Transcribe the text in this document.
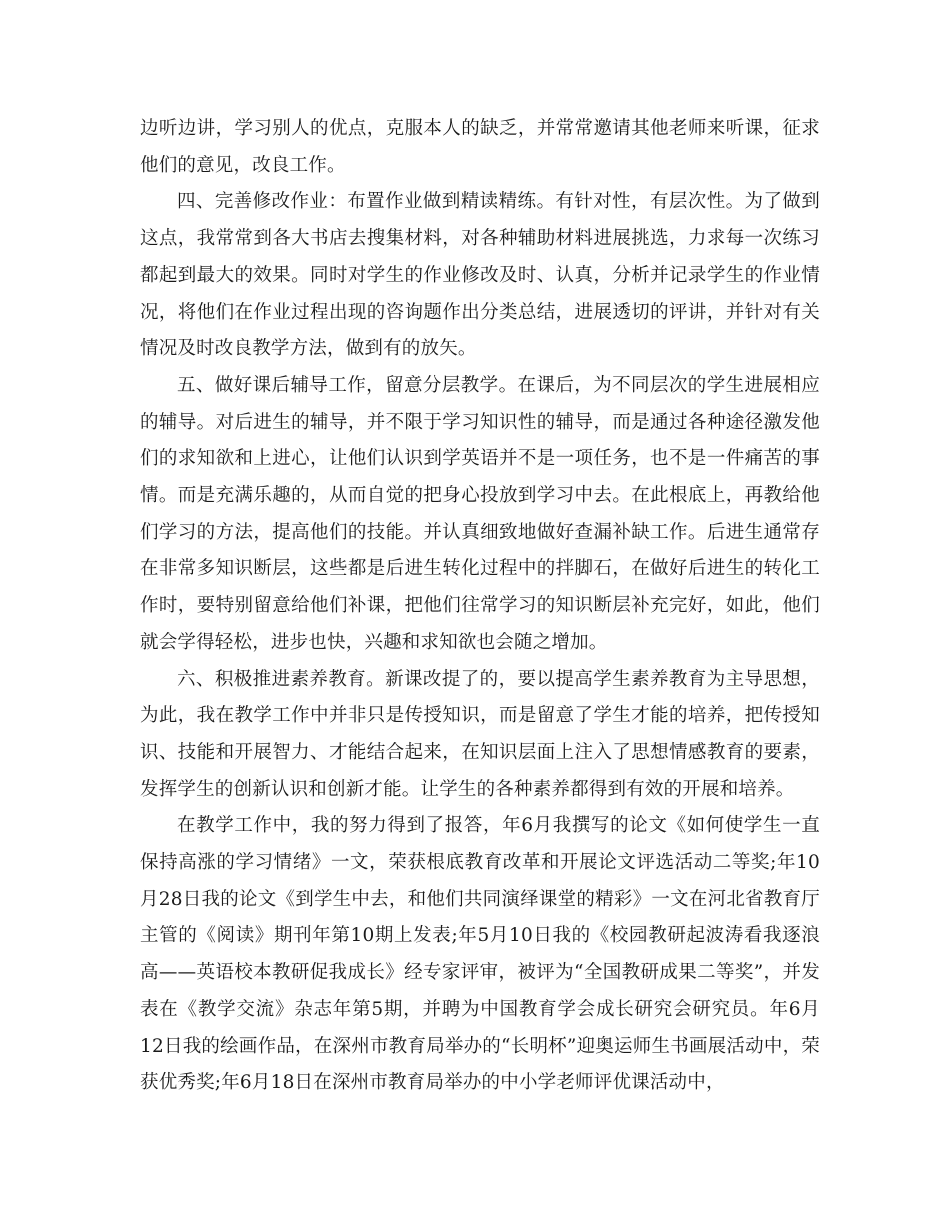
边听边讲，学习别人的优点，克服本人的缺乏，并常常邀请其他老师来听课，征求他们的意见，改良工作。

四、完善修改作业：布置作业做到精读精练。有针对性，有层次性。为了做到这点，我常常到各大书店去搜集材料，对各种辅助材料进展挑选，力求每一次练习都起到最大的效果。同时对学生的作业修改及时、认真，分析并记录学生的作业情况，将他们在作业过程出现的咨询题作出分类总结，进展透切的评讲，并针对有关情况及时改良教学方法，做到有的放矢。

五、做好课后辅导工作，留意分层教学。在课后，为不同层次的学生进展相应的辅导。对后进生的辅导，并不限于学习知识性的辅导，而是通过各种途径激发他们的求知欲和上进心，让他们认识到学英语并不是一项任务，也不是一件痛苦的事情。而是充满乐趣的，从而自觉的把身心投放到学习中去。在此根底上，再教给他们学习的方法，提高他们的技能。并认真细致地做好查漏补缺工作。后进生通常存在非常多知识断层，这些都是后进生转化过程中的拌脚石，在做好后进生的转化工作时，要特别留意给他们补课，把他们往常学习的知识断层补充完好，如此，他们就会学得轻松，进步也快，兴趣和求知欲也会随之增加。

六、积极推进素养教育。新课改提了的，要以提高学生素养教育为主导思想，为此，我在教学工作中并非只是传授知识，而是留意了学生才能的培养，把传授知识、技能和开展智力、才能结合起来，在知识层面上注入了思想情感教育的要素，发挥学生的创新认识和创新才能。让学生的各种素养都得到有效的开展和培养。

在教学工作中，我的努力得到了报答，年6月我撰写的论文《如何使学生一直保持高涨的学习情绪》一文，荣获根底教育改革和开展论文评选活动二等奖;年10月28日我的论文《到学生中去，和他们共同演绎课堂的精彩》一文在河北省教育厅主管的《阅读》期刊年第10期上发表;年5月10日我的《校园教研起波涛看我逐浪高——英语校本教研促我成长》经专家评审，被评为“全国教研成果二等奖”，并发表在《教学交流》杂志年第5期，并聘为中国教育学会成长研究会研究员。年6月12日我的绘画作品，在深州市教育局举办的“长明杯”迎奥运师生书画展活动中，荣获优秀奖;年6月18日在深州市教育局举办的中小学老师评优课活动中，
